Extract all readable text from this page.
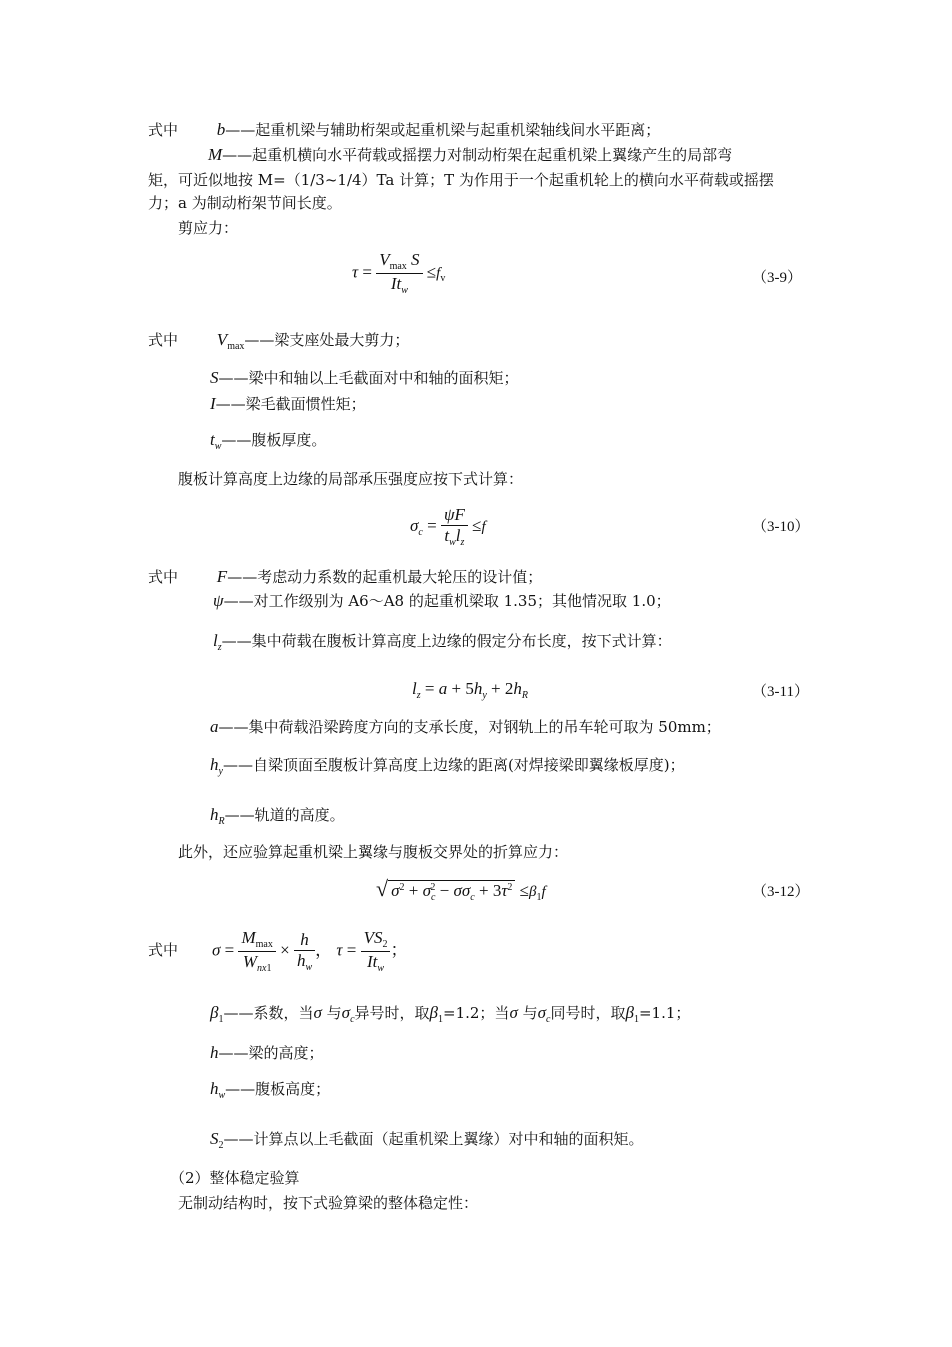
式中 b——起重机梁与辅助桁架或起重机梁与起重机梁轴线间水平距离；
M——起重机横向水平荷载或摇摆力对制动桁架在起重机梁上翼缘产生的局部弯
矩，可近似地按 M=（1/3~1/4）Ta 计算；T 为作用于一个起重机轮上的横向水平荷载或摇摆
力；a 为制动桁架节间长度。
剪应力：
$\tau = \frac{V_{max} S}{It_w} \le f_v$	（3-9）
式中 $V_{max}——$梁支座处最大剪力；
S——梁中和轴以上毛截面对中和轴的面积矩；
I——梁毛截面惯性矩；
$t_w——$腹板厚度。
腹板计算高度上边缘的局部承压强度应按下式计算：
$\sigma_c = \frac{\psi F}{t_wl_z} \le f$	（3-10）
式中 F——考虑动力系数的起重机最大轮压的设计值；
ψ——对工作级别为 A6～A8 的起重机梁取 1.35；其他情况取 1.0；
$l_z——$集中荷载在腹板计算高度上边缘的假定分布长度，按下式计算：
$l_z = a + 5h_y + 2h_R$	（3-11）
a——集中荷载沿梁跨度方向的支承长度，对钢轨上的吊车轮可取为 50mm；
$h_y——$自梁顶面至腹板计算高度上边缘的距离(对焊接梁即翼缘板厚度)；
$h_R——$轨道的高度。
此外，还应验算起重机梁上翼缘与腹板交界处的折算应力：
√ $\sigma^2 + \sigma_c^2 - \sigma\sigma_c + 3\tau^2 \le\beta_1f$	（3-12）
式中 $\sigma = \frac{M_{max}}{W_{nx1}} \times \frac{h}{h_w}$ ， $\tau = \frac{VS_2}{It_w}$ ；
$\beta_1——$系数，当σ 与$\sigma_c$异号时，取$\beta_1=1.2$；当σ 与$\sigma_c$同号时，取$\beta_1=1.1$；
h——梁的高度；
$h_w——$腹板高度；
$S_2——$计算点以上毛截面（起重机梁上翼缘）对中和轴的面积矩。
（2）整体稳定验算
无制动结构时，按下式验算梁的整体稳定性：
